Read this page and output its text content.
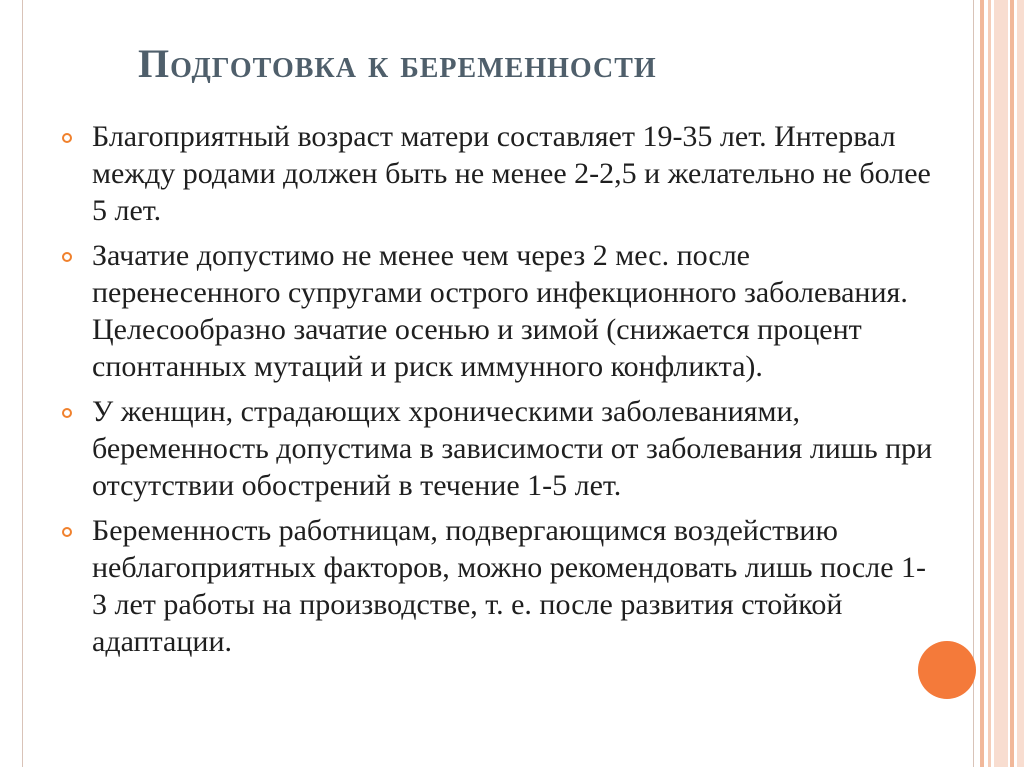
Подготовка к беременности
Благоприятный возраст матери составляет 19-35 лет. Интервал между родами должен быть не менее 2-2,5 и желательно не более 5 лет.
Зачатие допустимо не менее чем через 2 мес. после перенесенного супругами острого инфекционного заболевания. Целесообразно зачатие осенью и зимой (снижается процент спонтанных мутаций и риск иммунного конфликта).
У женщин, страдающих хроническими заболеваниями, беременность допустима в зависимости от заболевания лишь при отсутствии обострений в течение 1-5 лет.
Беременность работницам, подвергающимся воздействию неблагоприятных факторов, можно рекомендовать лишь после 1-3 лет работы на производстве, т. е. после развития стойкой адаптации.
